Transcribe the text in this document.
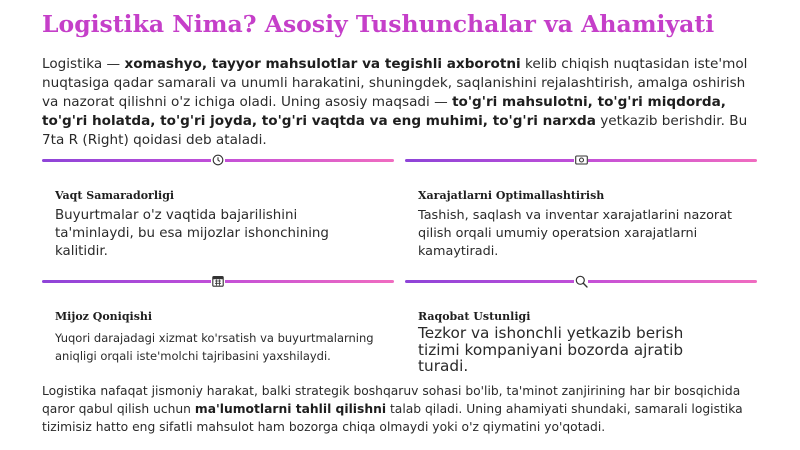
Logistika Nima? Asosiy Tushunchalar va Ahamiyati

Logistika — xomashyo, tayyor mahsulotlar va tegishli axborotni kelib chiqish nuqtasidan iste'mol nuqtasiga qadar samarali va unumli harakatini, shuningdek, saqlanishini rejalashtirish, amalga oshirish va nazorat qilishni o'z ichiga oladi. Uning asosiy maqsadi — to'g'ri mahsulotni, to'g'ri miqdorda, to'g'ri holatda, to'g'ri joyda, to'g'ri vaqtda va eng muhimi, to'g'ri narxda yetkazib berishdir. Bu 7ta R (Right) qoidasi deb ataladi.

Vaqt Samaradorligi

Buyurtmalar o'z vaqtida bajarilishini ta'minlaydi, bu esa mijozlar ishonchining kalitidir.

Xarajatlarni Optimallashtirish

Tashish, saqlash va inventar xarajatlarini nazorat qilish orqali umumiy operatsion xarajatlarni kamaytiradi.

Mijoz Qoniqishi

Yuqori darajadagi xizmat ko'rsatish va buyurtmalarning aniqligi orqali iste'molchi tajribasini yaxshilaydi.

Raqobat Ustunligi

Tezkor va ishonchli yetkazib berish tizimi kompaniyani bozorda ajratib turadi.

Logistika nafaqat jismoniy harakat, balki strategik boshqaruv sohasi bo'lib, ta'minot zanjirining har bir bosqichida qaror qabul qilish uchun ma'lumotlarni tahlil qilishni talab qiladi. Uning ahamiyati shundaki, samarali logistika tizimisiz hatto eng sifatli mahsulot ham bozorga chiqa olmaydi yoki o'z qiymatini yo'qotadi.
